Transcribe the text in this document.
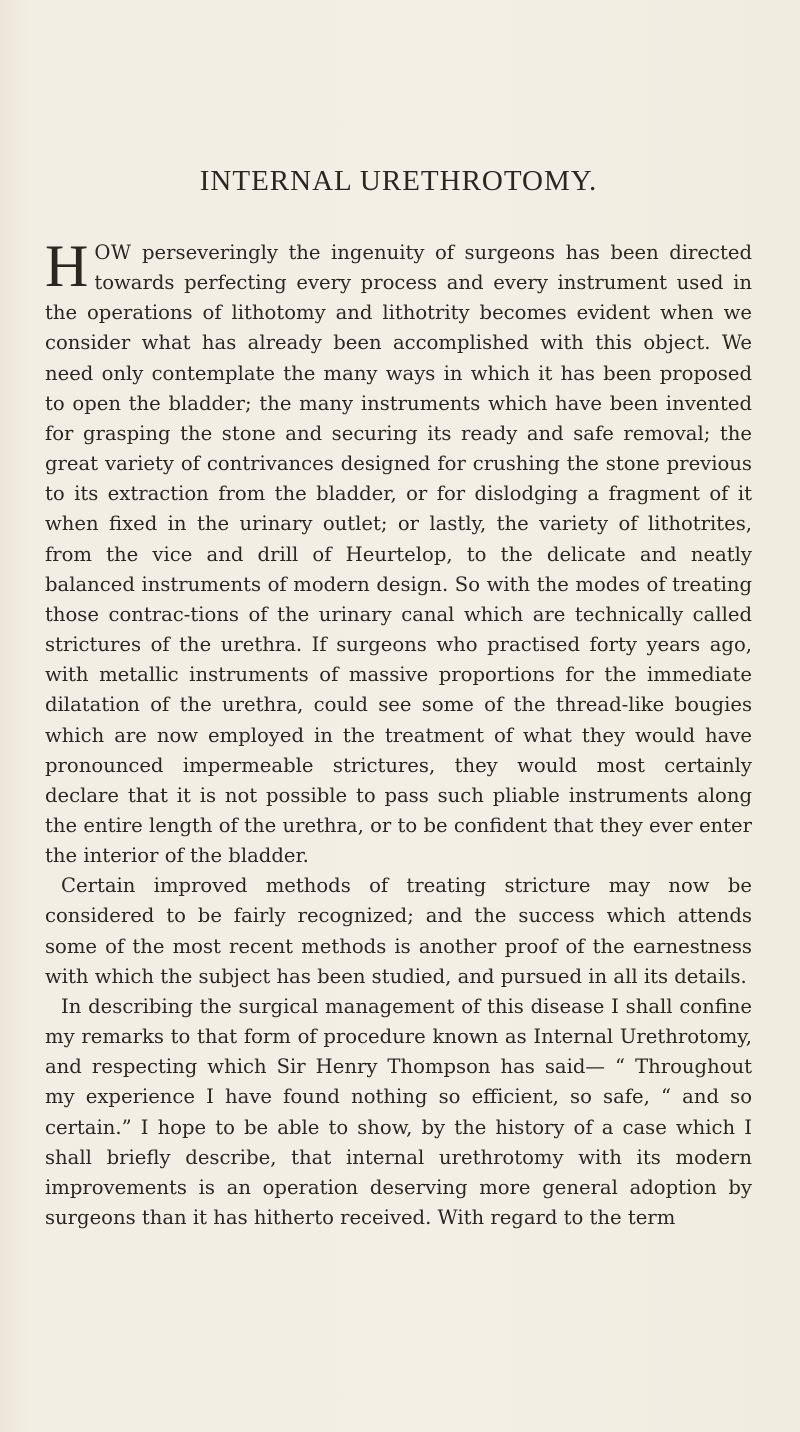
INTERNAL URETHROTOMY.

HOW perseveringly the ingenuity of surgeons has been directed towards perfecting every process and every instrument used in the operations of lithotomy and lithotrity becomes evident when we consider what has already been accomplished with this object. We need only contemplate the many ways in which it has been proposed to open the bladder; the many instruments which have been invented for grasping the stone and securing its ready and safe removal; the great variety of contrivances designed for crushing the stone previous to its extraction from the bladder, or for dislodging a fragment of it when fixed in the urinary outlet; or lastly, the variety of lithotrites, from the vice and drill of Heurtelop, to the delicate and neatly balanced instruments of modern design. So with the modes of treating those contrac-tions of the urinary canal which are technically called strictures of the urethra. If surgeons who practised forty years ago, with metallic instruments of massive proportions for the immediate dilatation of the urethra, could see some of the thread-like bougies which are now employed in the treatment of what they would have pronounced impermeable strictures, they would most certainly declare that it is not possible to pass such pliable instruments along the entire length of the urethra, or to be confident that they ever enter the interior of the bladder.

Certain improved methods of treating stricture may now be considered to be fairly recognized; and the success which attends some of the most recent methods is another proof of the earnestness with which the subject has been studied, and pursued in all its details.

In describing the surgical management of this disease I shall confine my remarks to that form of procedure known as Internal Urethrotomy, and respecting which Sir Henry Thompson has said— “ Throughout my experience I have found nothing so efficient, so safe, “ and so certain.” I hope to be able to show, by the history of a case which I shall briefly describe, that internal urethrotomy with its modern improvements is an operation deserving more general adoption by surgeons than it has hitherto received. With regard to the term
